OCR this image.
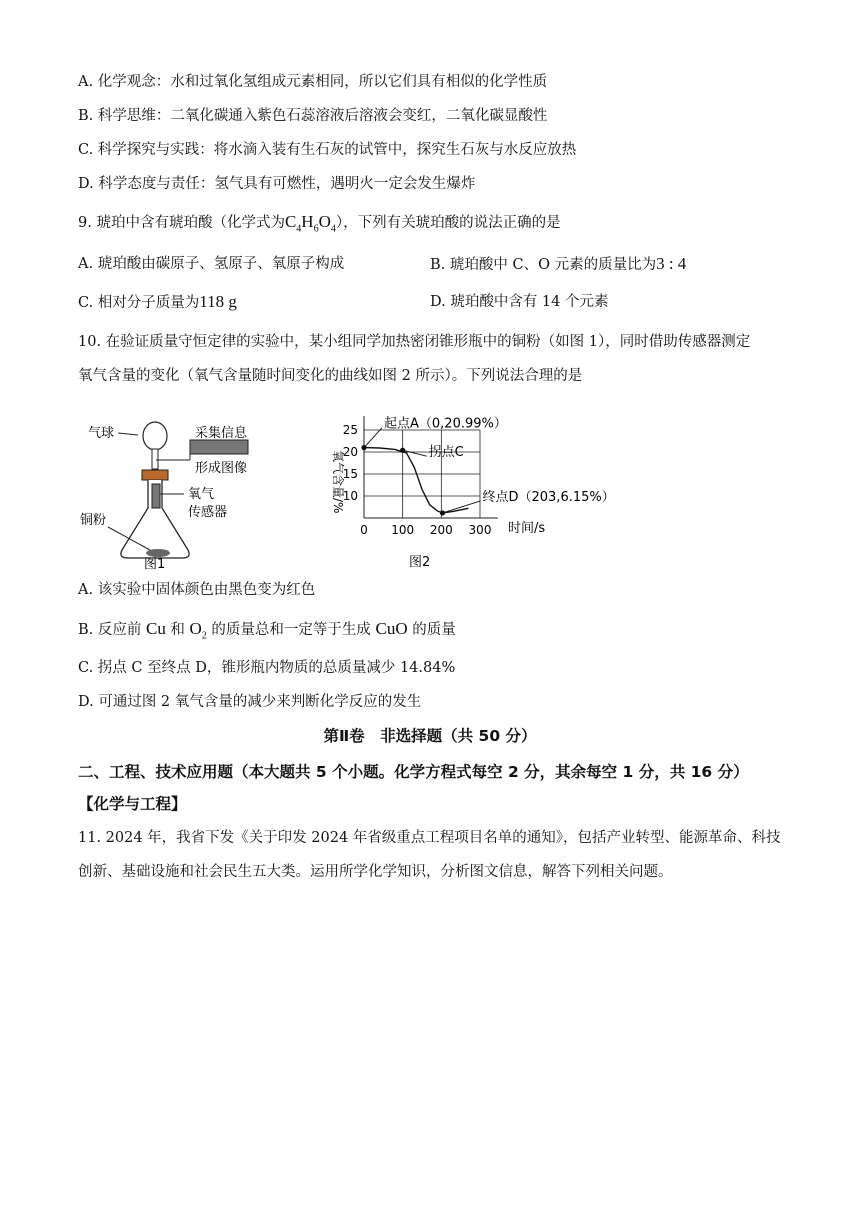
A. 化学观念：水和过氧化氢组成元素相同，所以它们具有相似的化学性质
B. 科学思维：二氧化碳通入紫色石蕊溶液后溶液会变红，二氧化碳显酸性
C. 科学探究与实践：将水滴入装有生石灰的试管中，探究生石灰与水反应放热
D. 科学态度与责任：氢气具有可燃性，遇明火一定会发生爆炸
9. 琥珀中含有琥珀酸（化学式为$C_4H_6O_4$），下列有关琥珀酸的说法正确的是
A. 琥珀酸由碳原子、氢原子、氧原子构成	B. 琥珀酸中 C、O 元素的质量比为3 : 4
C. 相对分子质量为118 g	D. 琥珀酸中含有 14 个元素
10. 在验证质量守恒定律的实验中，某小组同学加热密闭锥形瓶中的铜粉（如图 1），同时借助传感器测定
氧气含量的变化（氧气含量随时间变化的曲线如图 2 所示）。下列说法合理的是
气球	采集信息
形成图像
氧气
传感器
铜粉
图1
氧气含量/%
时间/s
图2
10
15
20
25
0 100 200 300
起点A（0,20.99%）
拐点C
终点D（203,6.15%）
A. 该实验中固体颜色由黑色变为红色
B. 反应前 Cu 和 $O_2$ 的质量总和一定等于生成 CuO 的质量
C. 拐点 C 至终点 D，锥形瓶内物质的总质量减少 14.84%
D. 可通过图 2 氧气含量的减少来判断化学反应的发生
第Ⅱ卷　非选择题（共 50 分）
二、工程、技术应用题（本大题共 5 个小题。化学方程式每空 2 分，其余每空 1 分，共 16 分）
【化学与工程】
11. 2024 年，我省下发《关于印发 2024 年省级重点工程项目名单的通知》，包括产业转型、能源革命、科技
创新、基础设施和社会民生五大类。运用所学化学知识，分析图文信息，解答下列相关问题。
